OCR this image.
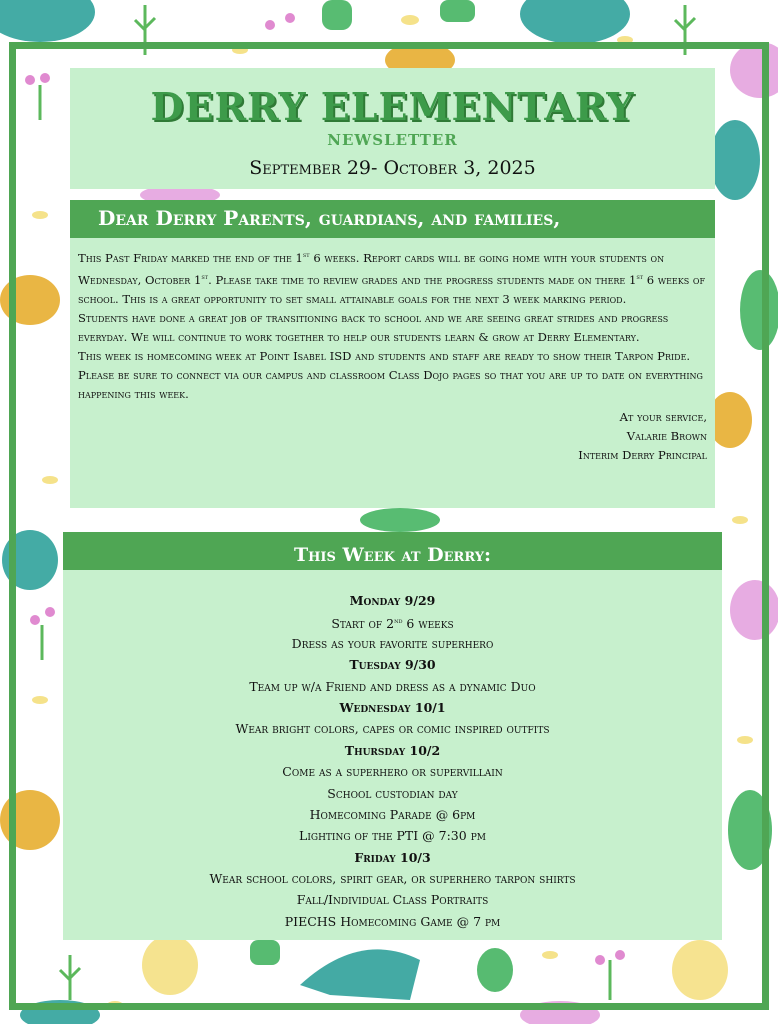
DERRY ELEMENTARY
NEWSLETTER
September 29- October 3, 2025
Dear Derry Parents, guardians, and families,

This Past Friday marked the end of the 1st 6 weeks. Report cards will be going home with your students on Wednesday, October 1st. Please take time to review grades and the progress students made on there 1st 6 weeks of school. This is a great opportunity to set small attainable goals for the next 3 week marking period.

Students have done a great job of transitioning back to school and we are seeing great strides and progress everyday. We will continue to work together to help our students learn & grow at Derry Elementary.

This week is homecoming week at Point Isabel ISD and students and staff are ready to show their Tarpon Pride. Please be sure to connect via our campus and classroom Class Dojo pages so that you are up to date on everything happening this week.

At your service,
Valarie Brown
Interim Derry Principal
This Week at Derry:
Monday 9/29
Start of 2nd 6 weeks
Dress as your favorite superhero
Tuesday 9/30
Team up w/a Friend and dress as a dynamic Duo
Wednesday 10/1
Wear bright colors, capes or comic inspired outfits
Thursday 10/2
Come as a superhero or supervillain
School custodian day
Homecoming Parade @ 6pm
Lighting of the PTI @ 7:30 pm
Friday 10/3
Wear school colors, spirit gear, or superhero tarpon shirts
Fall/Individual Class Portraits
PIECHS Homecoming Game @ 7 pm
